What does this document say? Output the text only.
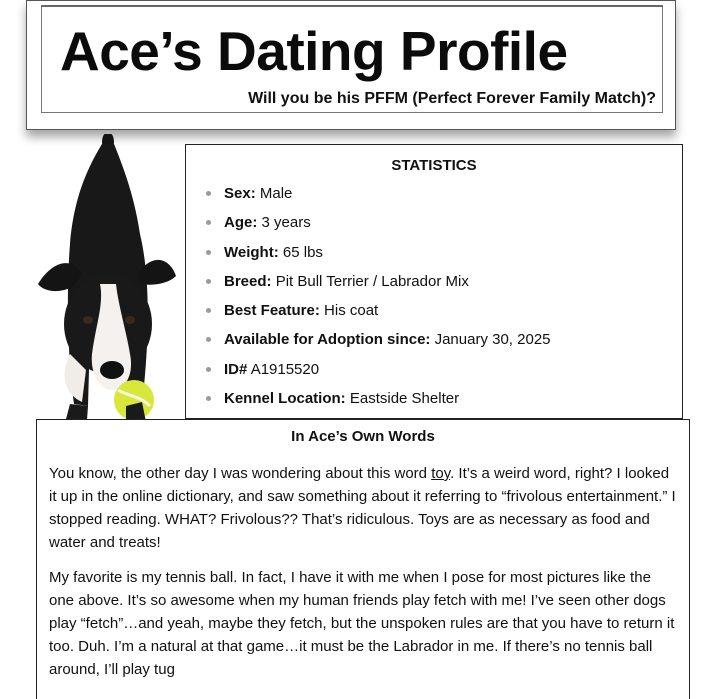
Ace’s Dating Profile

Will you be his PFFM (Perfect Forever Family Match)?

STATISTICS
Sex: Male
Age: 3 years
Weight: 65 lbs
Breed: Pit Bull Terrier / Labrador Mix
Best Feature: His coat
Available for Adoption since: January 30, 2025
ID# A1915520
Kennel Location: Eastside Shelter
In Ace’s Own Words

You know, the other day I was wondering about this word toy. It’s a weird word, right? I looked it up in the online dictionary, and saw something about it referring to “frivolous entertainment.” I stopped reading. WHAT? Frivolous?? That’s ridiculous. Toys are as necessary as food and water and treats!

My favorite is my tennis ball. In fact, I have it with me when I pose for most pictures like the one above. It’s so awesome when my human friends play fetch with me! I’ve seen other dogs play “fetch”…and yeah, maybe they fetch, but the unspoken rules are that you have to return it too. Duh. I’m a natural at that game…it must be the Labrador in me. If there’s no tennis ball around, I’ll play tug
